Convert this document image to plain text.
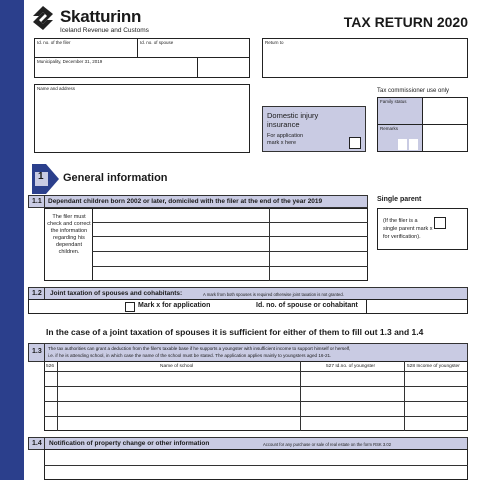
Skatturinn
Iceland Revenue and Customs
TAX RETURN 2020
Id. no. of the filer	Id. no. of spouse
Municipality, December 31, 2019
Return to
Name and address
Domestic injury
insurance
For application
mark x here
Tax commissioner use only
Family status
Remarks
1 General information
1.1 Dependant children born 2002 or later, domiciled with the filer at the end of the year 2019
The filer must check and correct the information regarding his dependant children.
Single parent
(If the filer is a single parent mark x for verification).
1.2 Joint taxation of spouses and cohabitants:	A mark from both spouses is required otherwise joint taxation is not granted.
Mark x for application	Id. no. of spouse or cohabitant
In the case of a joint taxation of spouses it is sufficient for either of them to fill out 1.3 and 1.4
1.3 The tax authorities can grant a deduction from the filer's taxable base if he supports a youngster with insufficient income to support himself or herself,
i.e. if he is attending school, in which case the name of the school must be stated. The application applies mainly to youngsters aged 16-21.
526	Name of school	527 Id.no. of youngster	528 Income of youngster
1.4 Notification of property change or other information	Account for any purchase or sale of real estate on the form RSK 3.02
